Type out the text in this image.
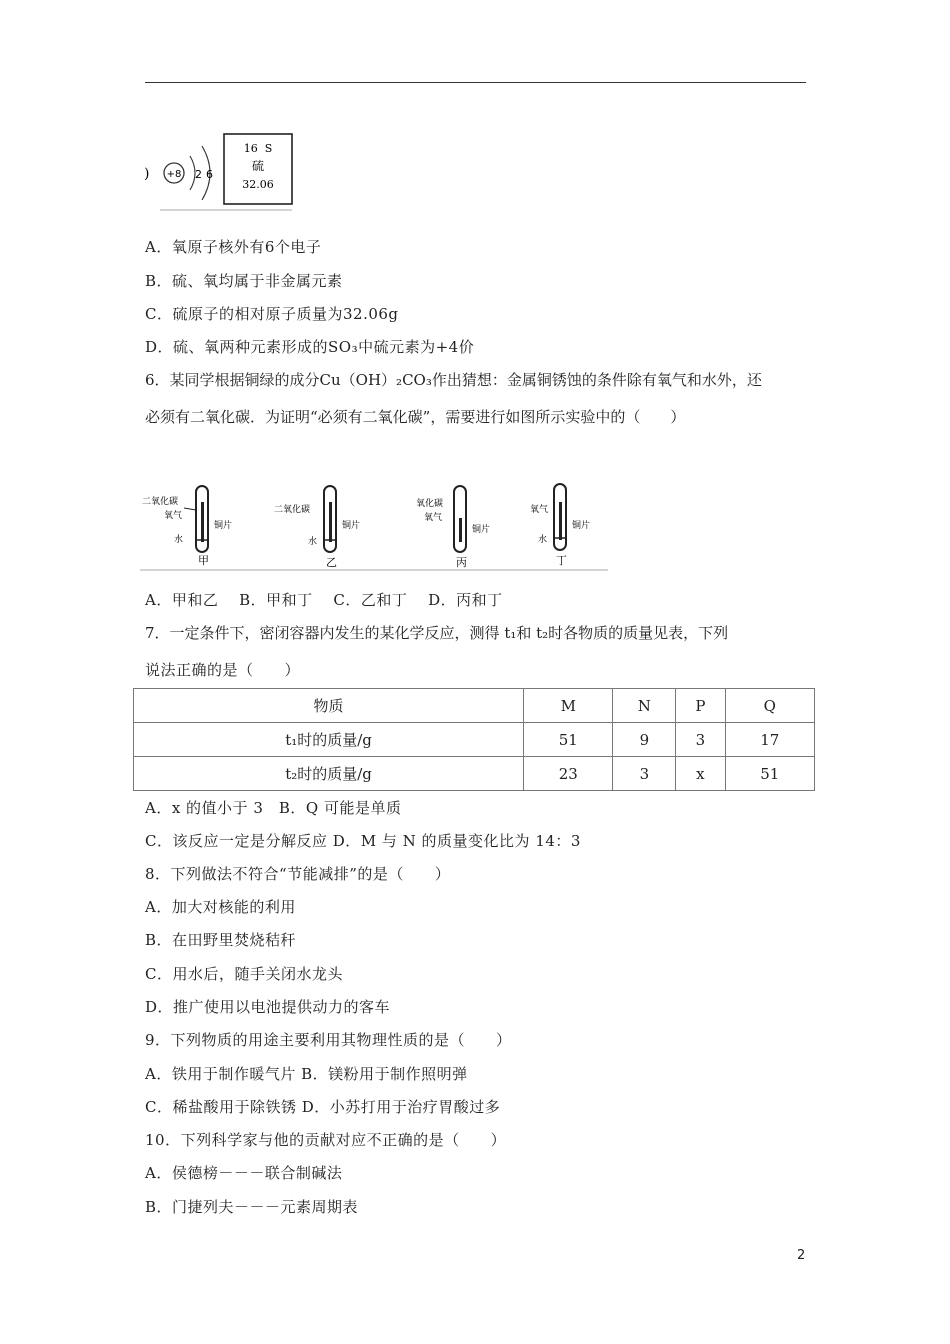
) +8 2 6
16  S
硫
32.06
A．氧原子核外有6个电子
B．硫、氧均属于非金属元素
C．硫原子的相对原子质量为32.06g
D．硫、氧两种元素形成的SO₃中硫元素为+4价
6．某同学根据铜绿的成分Cu（OH）₂CO₃作出猜想：金属铜锈蚀的条件除有氧气和水外，还
必须有二氧化碳．为证明“必须有二氧化碳”，需要进行如图所示实验中的（　　）
二氧化碳
氧气
铜片
水
甲
二氧化碳
铜片
水
乙
氧化碳
氧气
铜片
丙
氧气
铜片
水
丁
A．甲和乙　 B．甲和丁　 C．乙和丁　 D．丙和丁
7．一定条件下，密闭容器内发生的某化学反应，测得 t₁和 t₂时各物质的质量见表，下列
说法正确的是（　　）
物质	M	N	P	Q
t₁时的质量/g	51	9	3	17
t₂时的质量/g	23	3	x	51
A．x 的值小于 3　B．Q 可能是单质
C．该反应一定是分解反应 D．M 与 N 的质量变化比为 14：3
8．下列做法不符合“节能减排”的是（　　）
A．加大对核能的利用
B．在田野里焚烧秸秆
C．用水后，随手关闭水龙头
D．推广使用以电池提供动力的客车
9．下列物质的用途主要利用其物理性质的是（　　）
A．铁用于制作暖气片 B．镁粉用于制作照明弹
C．稀盐酸用于除铁锈 D．小苏打用于治疗胃酸过多
10．下列科学家与他的贡献对应不正确的是（　　）
A．侯德榜－－－联合制碱法
B．门捷列夫－－－元素周期表
2
